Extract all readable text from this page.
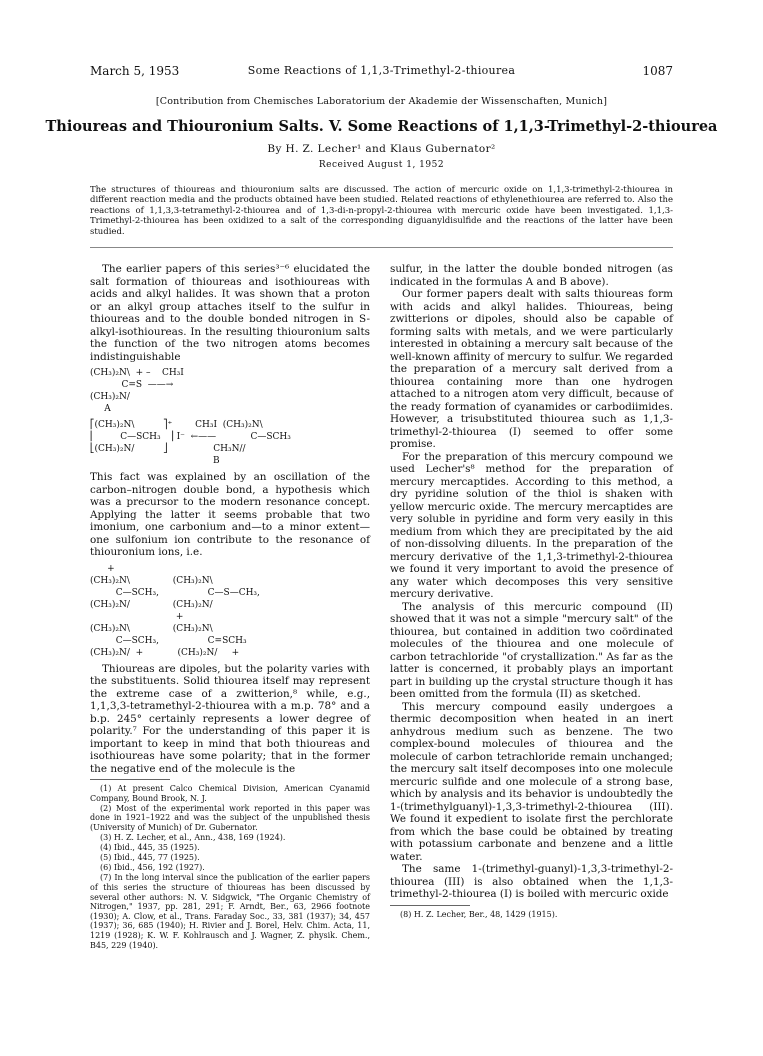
March 5, 1953	Some Reactions of 1,1,3-Trimethyl-2-thiourea	1087
[Contribution from Chemisches Laboratorium der Akademie der Wissenschaften, Munich]
Thioureas and Thiouronium Salts. V. Some Reactions of 1,1,3-Trimethyl-2-thiourea
By H. Z. Lecher¹ and Klaus Gubernator²
Received August 1, 1952
The structures of thioureas and thiouronium salts are discussed. The action of mercuric oxide on 1,1,3-trimethyl-2-thiourea in different reaction media and the products obtained have been studied. Related reactions of ethylenethiourea are referred to. Also the reactions of 1,1,3,3-tetramethyl-2-thiourea and of 1,3-di-n-propyl-2-thiourea with mercuric oxide have been investigated. 1,1,3-Trimethyl-2-thiourea has been oxidized to a salt of the corresponding diguanyldisulfide and the reactions of the latter have been studied.

The earlier papers of this series³⁻⁶ elucidated the salt formation of thioureas and isothioureas with acids and alkyl halides. It was shown that a proton or an alkyl group attaches itself to the sulfur in thioureas and to the double bonded nitrogen in S-alkyl-isothioureas. In the resulting thiouronium salts the function of the two nitrogen atoms becomes indistinguishable

(CH₃)₂N\  + –    CH₃I
C=S  ——→
(CH₃)₂N/
A
⎡(CH₃)₂N\          ⎤⁺        CH₃I  (CH₃)₂N\
⎢         C—SCH₃   ⎥ I⁻  ←——            C—SCH₃
⎣(CH₃)₂N/          ⎦                CH₃N//
B

This fact was explained by an oscillation of the carbon–nitrogen double bond, a hypothesis which was a precursor to the modern resonance concept. Applying the latter it seems probable that two imonium, one carbonium and—to a minor extent—one sulfonium ion contribute to the resonance of thiouronium ions, i.e.

+
(CH₃)₂N\               (CH₃)₂N\
C—SCH₃,                 C—S—CH₃,
(CH₃)₂N/               (CH₃)₂N/
+
(CH₃)₂N\               (CH₃)₂N\
C—SCH₃,                 C=SCH₃
(CH₃)₂N/  +            (CH₃)₂N/     +

Thioureas are dipoles, but the polarity varies with the substituents. Solid thiourea itself may represent the extreme case of a zwitterion,⁸ while, e.g., 1,1,3,3-tetramethyl-2-thiourea with a m.p. 78° and a b.p. 245° certainly represents a lower degree of polarity.⁷ For the understanding of this paper it is important to keep in mind that both thioureas and isothioureas have some polarity; that in the former the negative end of the molecule is the

(1) At present Calco Chemical Division, American Cyanamid Company, Bound Brook, N. J.

(2) Most of the experimental work reported in this paper was done in 1921–1922 and was the subject of the unpublished thesis (University of Munich) of Dr. Gubernator.

(3) H. Z. Lecher, et al., Ann., 438, 169 (1924).

(4) Ibid., 445, 35 (1925).

(5) Ibid., 445, 77 (1925).

(6) Ibid., 456, 192 (1927).

(7) In the long interval since the publication of the earlier papers of this series the structure of thioureas has been discussed by several other authors: N. V. Sidgwick, "The Organic Chemistry of Nitrogen," 1937, pp. 281, 291; F. Arndt, Ber., 63, 2966 footnote (1930); A. Clow, et al., Trans. Faraday Soc., 33, 381 (1937); 34, 457 (1937); 36, 685 (1940); H. Rivier and J. Borel, Helv. Chim. Acta, 11, 1219 (1928); K. W. F. Kohlrausch and J. Wagner, Z. physik. Chem., B45, 229 (1940).

sulfur, in the latter the double bonded nitrogen (as indicated in the formulas A and B above).

Our former papers dealt with salts thioureas form with acids and alkyl halides. Thioureas, being zwitterions or dipoles, should also be capable of forming salts with metals, and we were particularly interested in obtaining a mercury salt because of the well-known affinity of mercury to sulfur. We regarded the preparation of a mercury salt derived from a thiourea containing more than one hydrogen attached to a nitrogen atom very difficult, because of the ready formation of cyanamides or carbodiimides. However, a trisubstituted thiourea such as 1,1,3-trimethyl-2-thiourea (I) seemed to offer some promise.

For the preparation of this mercury compound we used Lecher's⁸ method for the preparation of mercury mercaptides. According to this method, a dry pyridine solution of the thiol is shaken with yellow mercuric oxide. The mercury mercaptides are very soluble in pyridine and form very easily in this medium from which they are precipitated by the aid of non-dissolving diluents. In the preparation of the mercury derivative of the 1,1,3-trimethyl-2-thiourea we found it very important to avoid the presence of any water which decomposes this very sensitive mercury derivative.

The analysis of this mercuric compound (II) showed that it was not a simple "mercury salt" of the thiourea, but contained in addition two coördinated molecules of the thiourea and one molecule of carbon tetrachloride "of crystallization." As far as the latter is concerned, it probably plays an important part in building up the crystal structure though it has been omitted from the formula (II) as sketched.

This mercury compound easily undergoes a thermic decomposition when heated in an inert anhydrous medium such as benzene. The two complex-bound molecules of thiourea and the molecule of carbon tetrachloride remain unchanged; the mercury salt itself decomposes into one molecule mercuric sulfide and one molecule of a strong base, which by analysis and its behavior is undoubtedly the 1-(trimethylguanyl)-1,3,3-trimethyl-2-thiourea (III). We found it expedient to isolate first the perchlorate from which the base could be obtained by treating with potassium carbonate and benzene and a little water.

The same 1-(trimethyl-guanyl)-1,3,3-trimethyl-2-thiourea (III) is also obtained when the 1,1,3-trimethyl-2-thiourea (I) is boiled with mercuric oxide

(8) H. Z. Lecher, Ber., 48, 1429 (1915).
